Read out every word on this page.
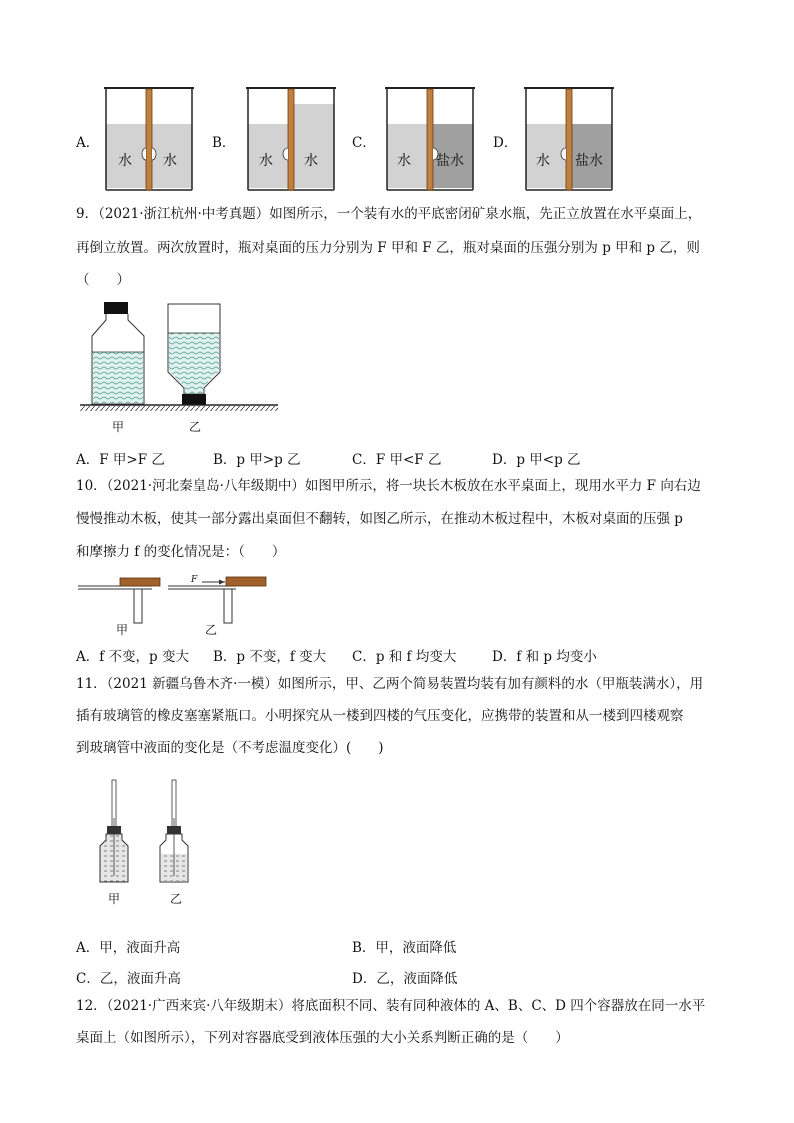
A．	B．	C．	D．
水 水	水 水	水 盐水	水 盐水
9．（2021·浙江杭州·中考真题）如图所示，一个装有水的平底密闭矿泉水瓶，先正立放置在水平桌面上，
再倒立放置。两次放置时，瓶对桌面的压力分别为 F 甲和 F 乙，瓶对桌面的压强分别为 p 甲和 p 乙，则
（　　）
甲	乙
A．F 甲>F 乙	B．p 甲>p 乙	C．F 甲<F 乙	D．p 甲<p 乙
10．（2021·河北秦皇岛·八年级期中）如图甲所示，将一块长木板放在水平桌面上，现用水平力 F 向右边
慢慢推动木板，使其一部分露出桌面但不翻转，如图乙所示，在推动木板过程中，木板对桌面的压强 p
和摩擦力 f 的变化情况是：（　　）
F
甲	乙
A．f 不变，p 变大 B．p 不变，f 变大 C．p 和 f 均变大	D．f 和 p 均变小
11．（2021 新疆乌鲁木齐·一模）如图所示，甲、乙两个简易装置均装有加有颜料的水（甲瓶装满水），用
插有玻璃管的橡皮塞塞紧瓶口。小明探究从一楼到四楼的气压变化，应携带的装置和从一楼到四楼观察
到玻璃管中液面的变化是（不考虑温度变化）(　　)
甲	乙
A．甲，液面升高	B．甲，液面降低
C．乙，液面升高	D．乙，液面降低
12．（2021·广西来宾·八年级期末）将底面积不同、装有同种液体的 A、B、C、D 四个容器放在同一水平
桌面上（如图所示），下列对容器底受到液体压强的大小关系判断正确的是（　　）
